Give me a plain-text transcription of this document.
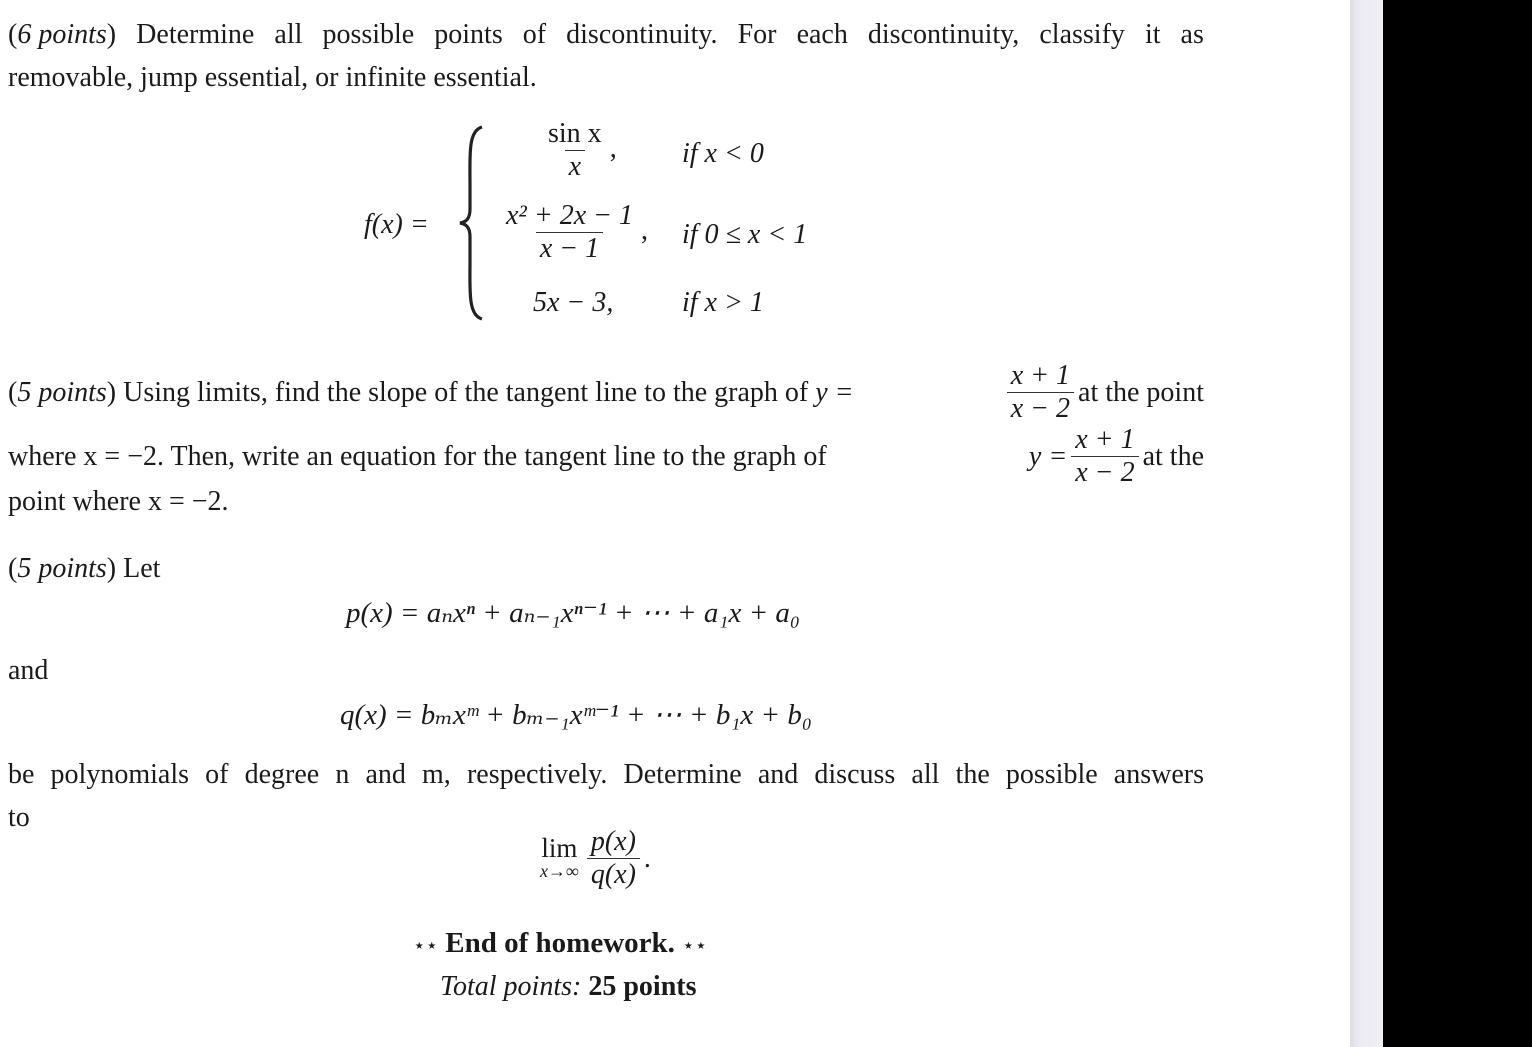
(6 points) Determine all possible points of discontinuity. For each discontinuity, classify it as
removable, jump essential, or infinite essential.
f(x) =
$\frac{\text{sin x}}{x}$ , if x < 0
$\frac{\text{x² + 2x − 1}}{x - 1}$ , if 0 ≤ x < 1
5x − 3, if x > 1
(5 points) Using limits, find the slope of the tangent line to the graph of y =	$\frac{x + 1}{x - 2}$ at the point
where x = −2. Then, write an equation for the tangent line to the graph of	$y = \frac{x + 1}{x - 2}$ at the
point where x = −2.
(5 points) Let
p(x) = aₙxⁿ + aₙ₋₁xⁿ⁻¹ + ⋯ + a₁x + a₀
and
q(x) = bₘxᵐ + bₘ₋₁xᵐ⁻¹ + ⋯ + b₁x + b₀
be polynomials of degree n and m, respectively. Determine and discuss all the possible answers
to
lim
$x\to\infty \frac{p(x)}{q(x)}$ .
⋆⋆ End of homework. ⋆⋆
Total points: 25 points
